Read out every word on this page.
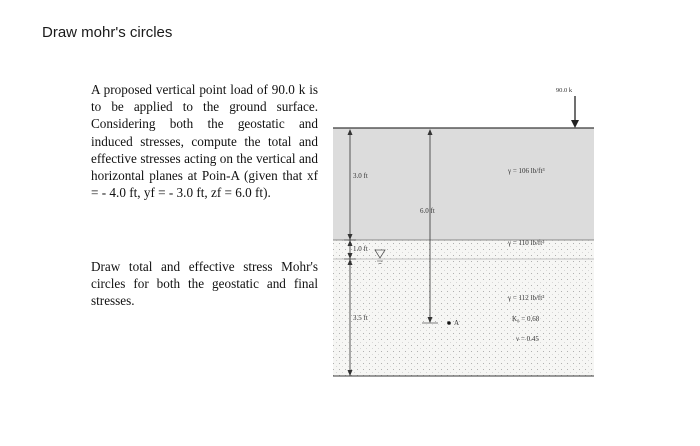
Draw mohr's circles
A proposed vertical point load of 90.0 k is to be applied to the ground surface. Considering both the geostatic and induced stresses, compute the total and effective stresses acting on the vertical and horizontal planes at Poin-A (given that xf = - 4.0 ft, yf = - 3.0 ft, zf = 6.0 ft).
Draw total and effective stress Mohr's circles for both the geostatic and final stresses.
90.0 k
3.0 ft
1.0 ft
3.5 ft
6.0 ft
A
γ = 106 lb/ft³
γ = 110 lb/ft³
γ = 112 lb/ft³
K₀ = 0.68
ν = 0.45
